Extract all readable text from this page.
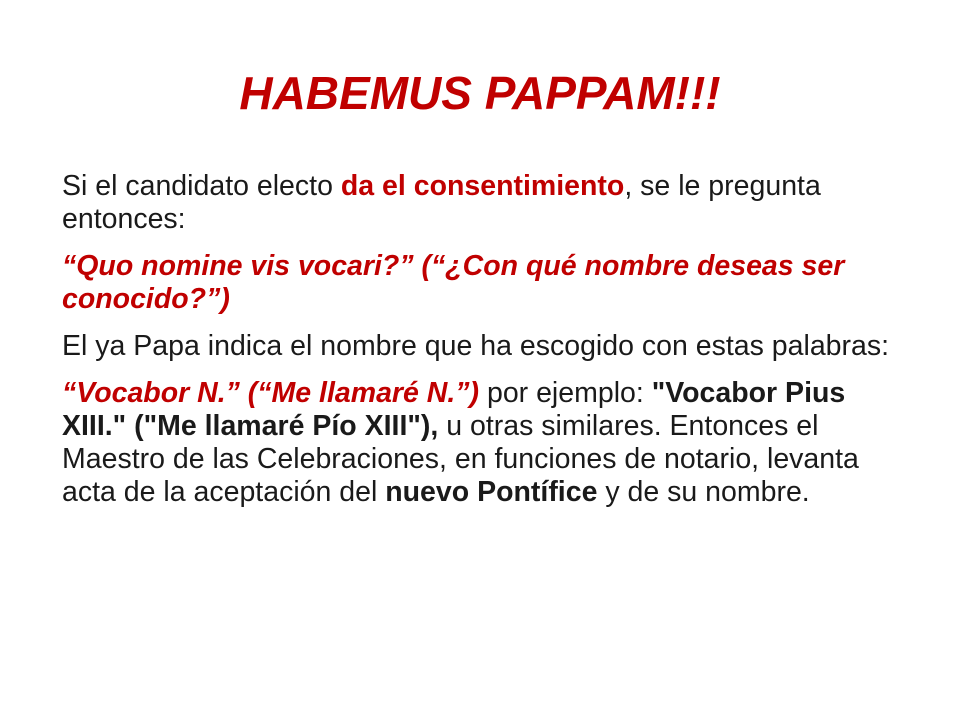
HABEMUS PAPPAM!!!

Si el candidato electo da el consentimiento, se le pregunta entonces:

“Quo nomine vis vocari?” (“¿Con qué nombre deseas ser conocido?”)

El ya Papa indica el nombre que ha escogido con estas palabras:

“Vocabor N.” (“Me llamaré N.”) por ejemplo: "Vocabor Pius XIII." ("Me llamaré Pío XIII"), u otras similares. Entonces el Maestro de las Celebraciones, en funciones de notario, levanta acta de la aceptación del nuevo Pontífice y de su nombre.
